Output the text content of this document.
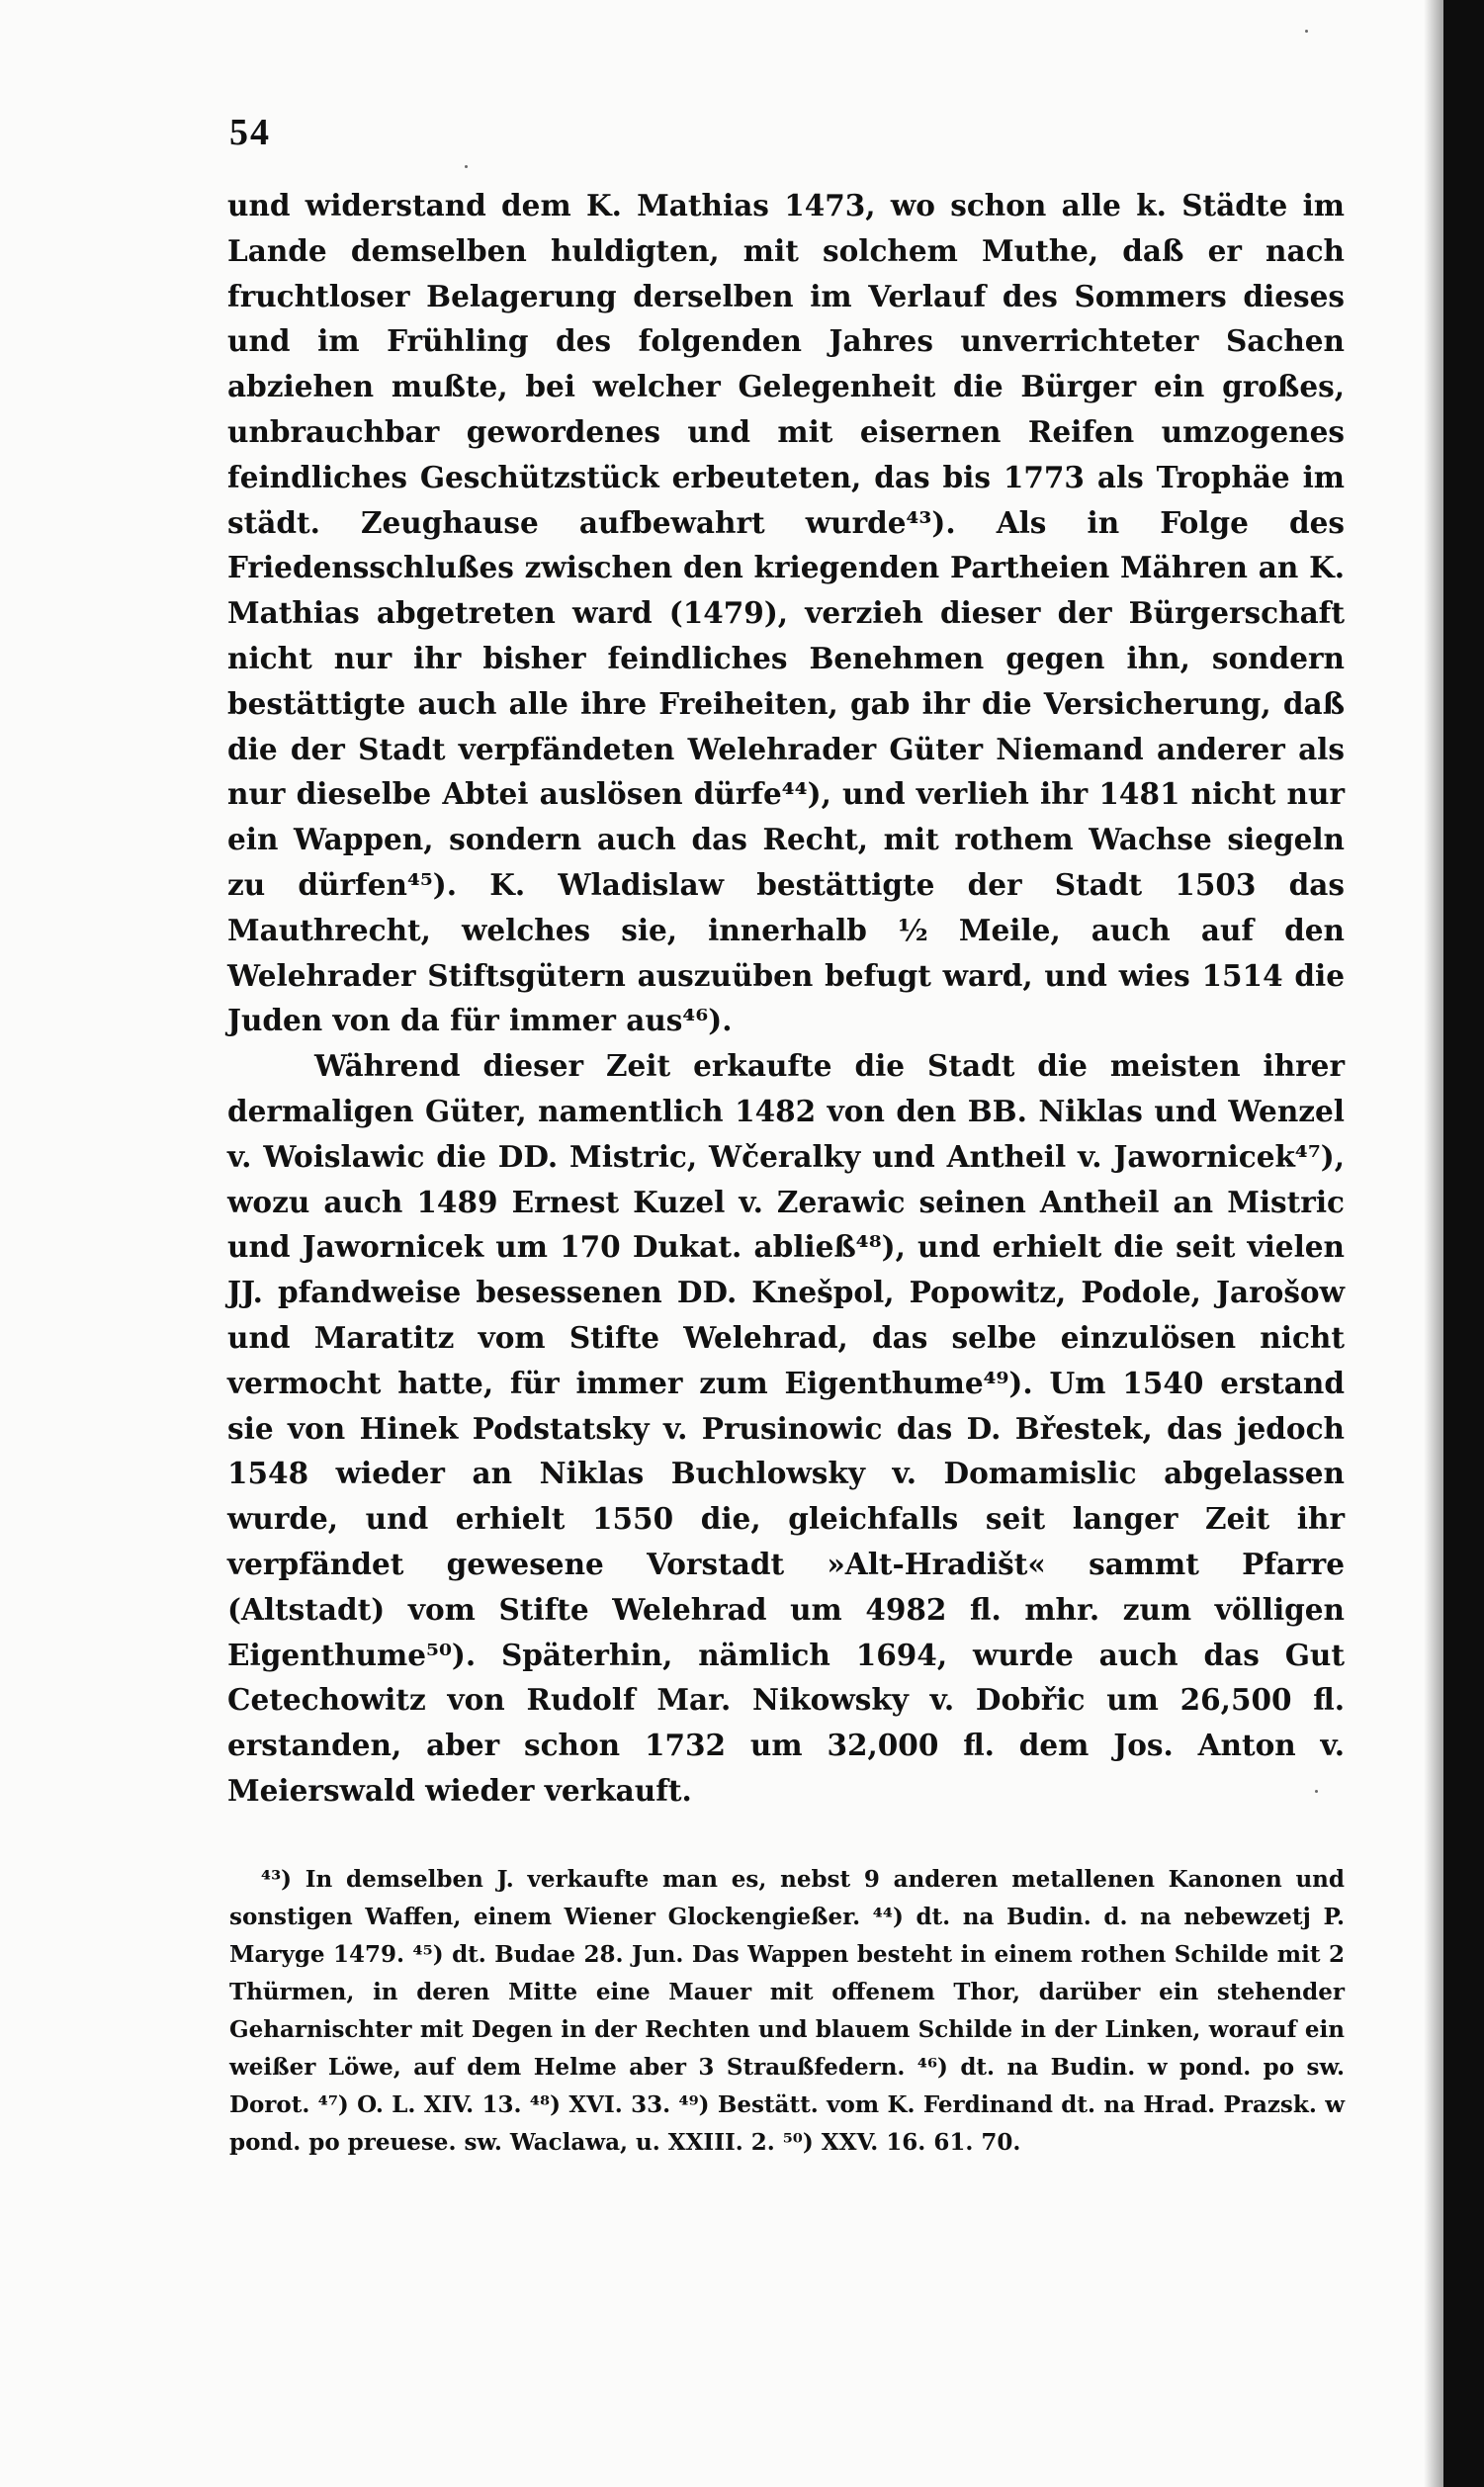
54

und widerstand dem K. Mathias 1473, wo schon alle k. Städte im Lande demselben huldigten, mit solchem Muthe, daß er nach fruchtloser Belagerung derselben im Verlauf des Sommers dieses und im Frühling des folgenden Jahres unverrichteter Sachen abziehen mußte, bei welcher Gelegenheit die Bürger ein großes, unbrauchbar gewordenes und mit eisernen Reifen umzogenes feindliches Geschützstück erbeuteten, das bis 1773 als Trophäe im städt. Zeughause aufbewahrt wurde⁴³). Als in Folge des Friedensschlußes zwischen den kriegenden Partheien Mähren an K. Mathias abgetreten ward (1479), verzieh dieser der Bürgerschaft nicht nur ihr bisher feindliches Benehmen gegen ihn, sondern bestättigte auch alle ihre Freiheiten, gab ihr die Versicherung, daß die der Stadt verpfändeten Welehrader Güter Niemand anderer als nur dieselbe Abtei auslösen dürfe⁴⁴), und verlieh ihr 1481 nicht nur ein Wappen, sondern auch das Recht, mit rothem Wachse siegeln zu dürfen⁴⁵). K. Wladislaw bestättigte der Stadt 1503 das Mauthrecht, welches sie, innerhalb ½ Meile, auch auf den Welehrader Stiftsgütern auszuüben befugt ward, und wies 1514 die Juden von da für immer aus⁴⁶).

Während dieser Zeit erkaufte die Stadt die meisten ihrer dermaligen Güter, namentlich 1482 von den BB. Niklas und Wenzel v. Woislawic die DD. Mistric, Wčeralky und Antheil v. Jawornicek⁴⁷), wozu auch 1489 Ernest Kuzel v. Zerawic seinen Antheil an Mistric und Jawornicek um 170 Dukat. abließ⁴⁸), und erhielt die seit vielen JJ. pfandweise besessenen DD. Knešpol, Popowitz, Podole, Jarošow und Maratitz vom Stifte Welehrad, das selbe einzulösen nicht vermocht hatte, für immer zum Eigenthume⁴⁹). Um 1540 erstand sie von Hinek Podstatsky v. Prusinowic das D. Břestek, das jedoch 1548 wieder an Niklas Buchlowsky v. Domamislic abgelassen wurde, und erhielt 1550 die, gleichfalls seit langer Zeit ihr verpfändet gewesene Vorstadt »Alt-Hradišt« sammt Pfarre (Altstadt) vom Stifte Welehrad um 4982 fl. mhr. zum völligen Eigenthume⁵⁰). Späterhin, nämlich 1694, wurde auch das Gut Cetechowitz von Rudolf Mar. Nikowsky v. Dobřic um 26,500 fl. erstanden, aber schon 1732 um 32,000 fl. dem Jos. Anton v. Meierswald wieder verkauft.

⁴³) In demselben J. verkaufte man es, nebst 9 anderen metallenen Kanonen und sonstigen Waffen, einem Wiener Glockengießer. ⁴⁴) dt. na Budin. d. na nebewzetj P. Maryge 1479. ⁴⁵) dt. Budae 28. Jun. Das Wappen besteht in einem rothen Schilde mit 2 Thürmen, in deren Mitte eine Mauer mit offenem Thor, darüber ein stehender Geharnischter mit Degen in der Rechten und blauem Schilde in der Linken, worauf ein weißer Löwe, auf dem Helme aber 3 Straußfedern. ⁴⁶) dt. na Budin. w pond. po sw. Dorot. ⁴⁷) O. L. XIV. 13. ⁴⁸) XVI. 33. ⁴⁹) Bestätt. vom K. Ferdinand dt. na Hrad. Prazsk. w pond. po preuese. sw. Waclawa, u. XXIII. 2. ⁵⁰) XXV. 16. 61. 70.
